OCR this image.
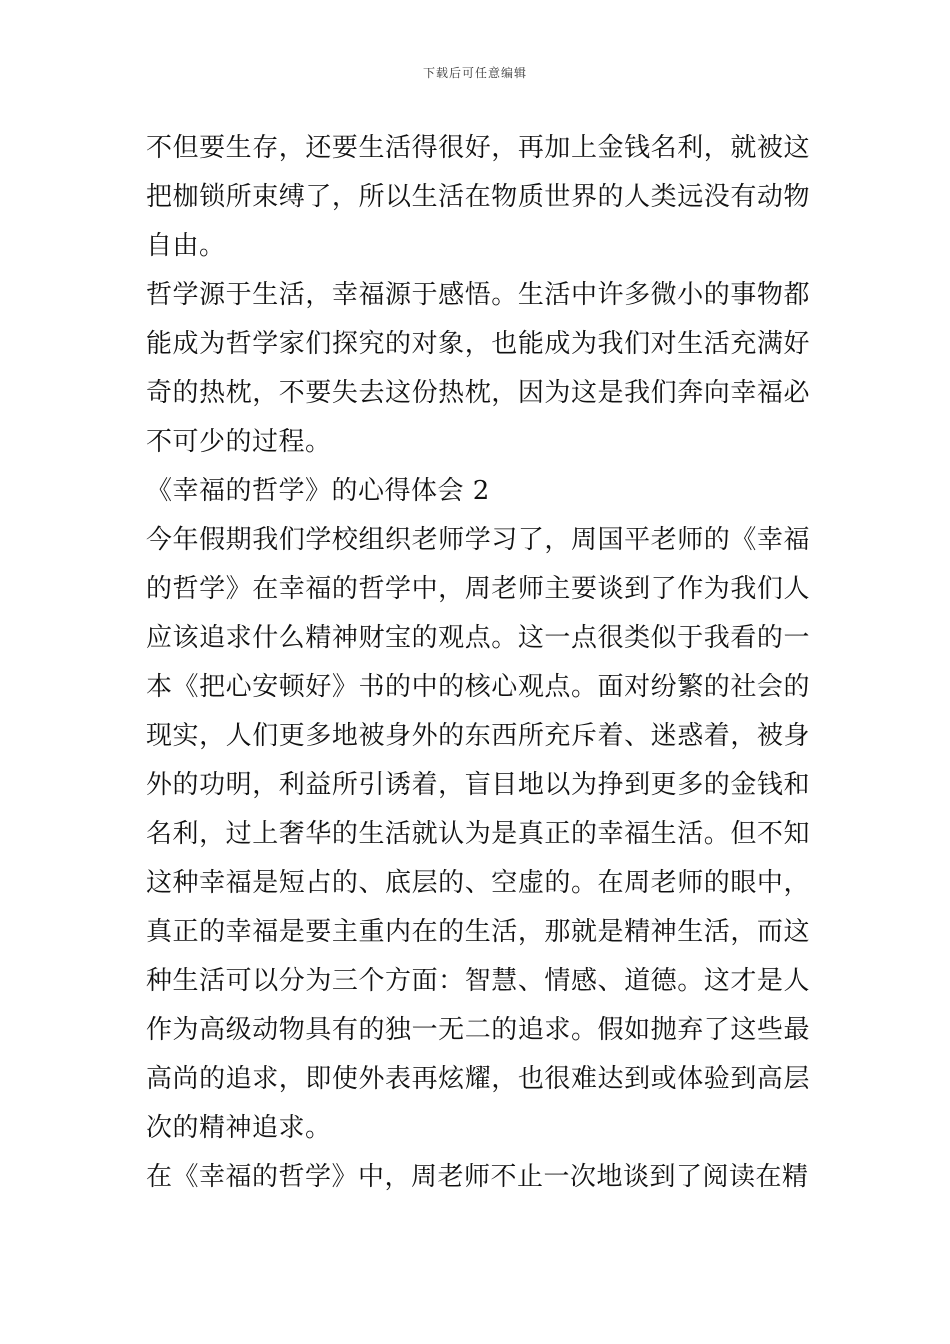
下载后可任意编辑

不但要生存，还要生活得很好，再加上金钱名利，就被这把枷锁所束缚了，所以生活在物质世界的人类远没有动物自由。

哲学源于生活，幸福源于感悟。生活中许多微小的事物都能成为哲学家们探究的对象，也能成为我们对生活充满好奇的热枕，不要失去这份热枕，因为这是我们奔向幸福必不可少的过程。

《幸福的哲学》的心得体会 2

今年假期我们学校组织老师学习了，周国平老师的《幸福的哲学》在幸福的哲学中，周老师主要谈到了作为我们人应该追求什么精神财宝的观点。这一点很类似于我看的一本《把心安顿好》书的中的核心观点。面对纷繁的社会的现实，人们更多地被身外的东西所充斥着、迷惑着，被身外的功明，利益所引诱着，盲目地以为挣到更多的金钱和名利，过上奢华的生活就认为是真正的幸福生活。但不知这种幸福是短占的、底层的、空虚的。在周老师的眼中，真正的幸福是要主重内在的生活，那就是精神生活，而这种生活可以分为三个方面：智慧、情感、道德。这才是人作为高级动物具有的独一无二的追求。假如抛弃了这些最高尚的追求，即使外表再炫耀，也很难达到或体验到高层次的精神追求。

在《幸福的哲学》中，周老师不止一次地谈到了阅读在精
